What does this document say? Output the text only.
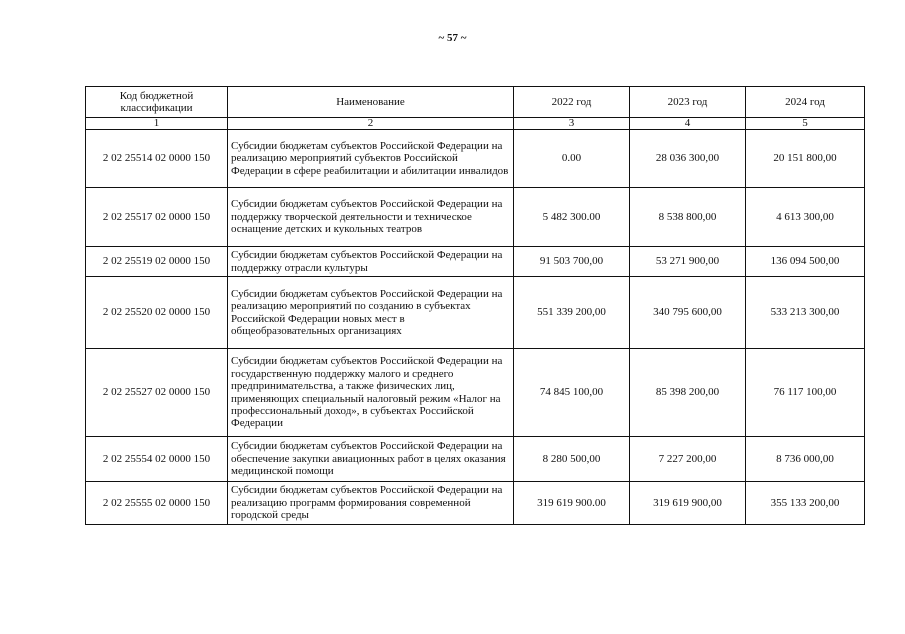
~ 57 ~
Код бюджетной классификации	Наименование	2022 год	2023 год	2024 год
1	2	3	4	5
2 02 25514 02 0000 150	Субсидии бюджетам субъектов Российской Федерации на реализацию мероприятий субъектов Российской Федерации в сфере реабилитации и абилитации инвалидов	0.00	28 036 300,00	20 151 800,00
2 02 25517 02 0000 150	Субсидии бюджетам субъектов Российской Федерации на поддержку творческой деятельности и техническое оснащение детских и кукольных театров	5 482 300.00	8 538 800,00	4 613 300,00
2 02 25519 02 0000 150	Субсидии бюджетам субъектов Российской Федерации на поддержку отрасли культуры	91 503 700,00	53 271 900,00	136 094 500,00
2 02 25520 02 0000 150	Субсидии бюджетам субъектов Российской Федерации на реализацию мероприятий по созданию в субъектах Российской Федерации новых мест в общеобразовательных организациях	551 339 200,00	340 795 600,00	533 213 300,00
2 02 25527 02 0000 150	Субсидии бюджетам субъектов Российской Федерации на государственную поддержку малого и среднего предпринимательства, а также физических лиц, применяющих специальный налоговый режим «Налог на профессиональный доход», в субъектах Российской Федерации	74 845 100,00	85 398 200,00	76 117 100,00
2 02 25554 02 0000 150	Субсидии бюджетам субъектов Российской Федерации на обеспечение закупки авиационных работ в целях оказания медицинской помощи	8 280 500,00	7 227 200,00	8 736 000,00
2 02 25555 02 0000 150	Субсидии бюджетам субъектов Российской Федерации на реализацию программ формирования современной городской среды	319 619 900.00	319 619 900,00	355 133 200,00
